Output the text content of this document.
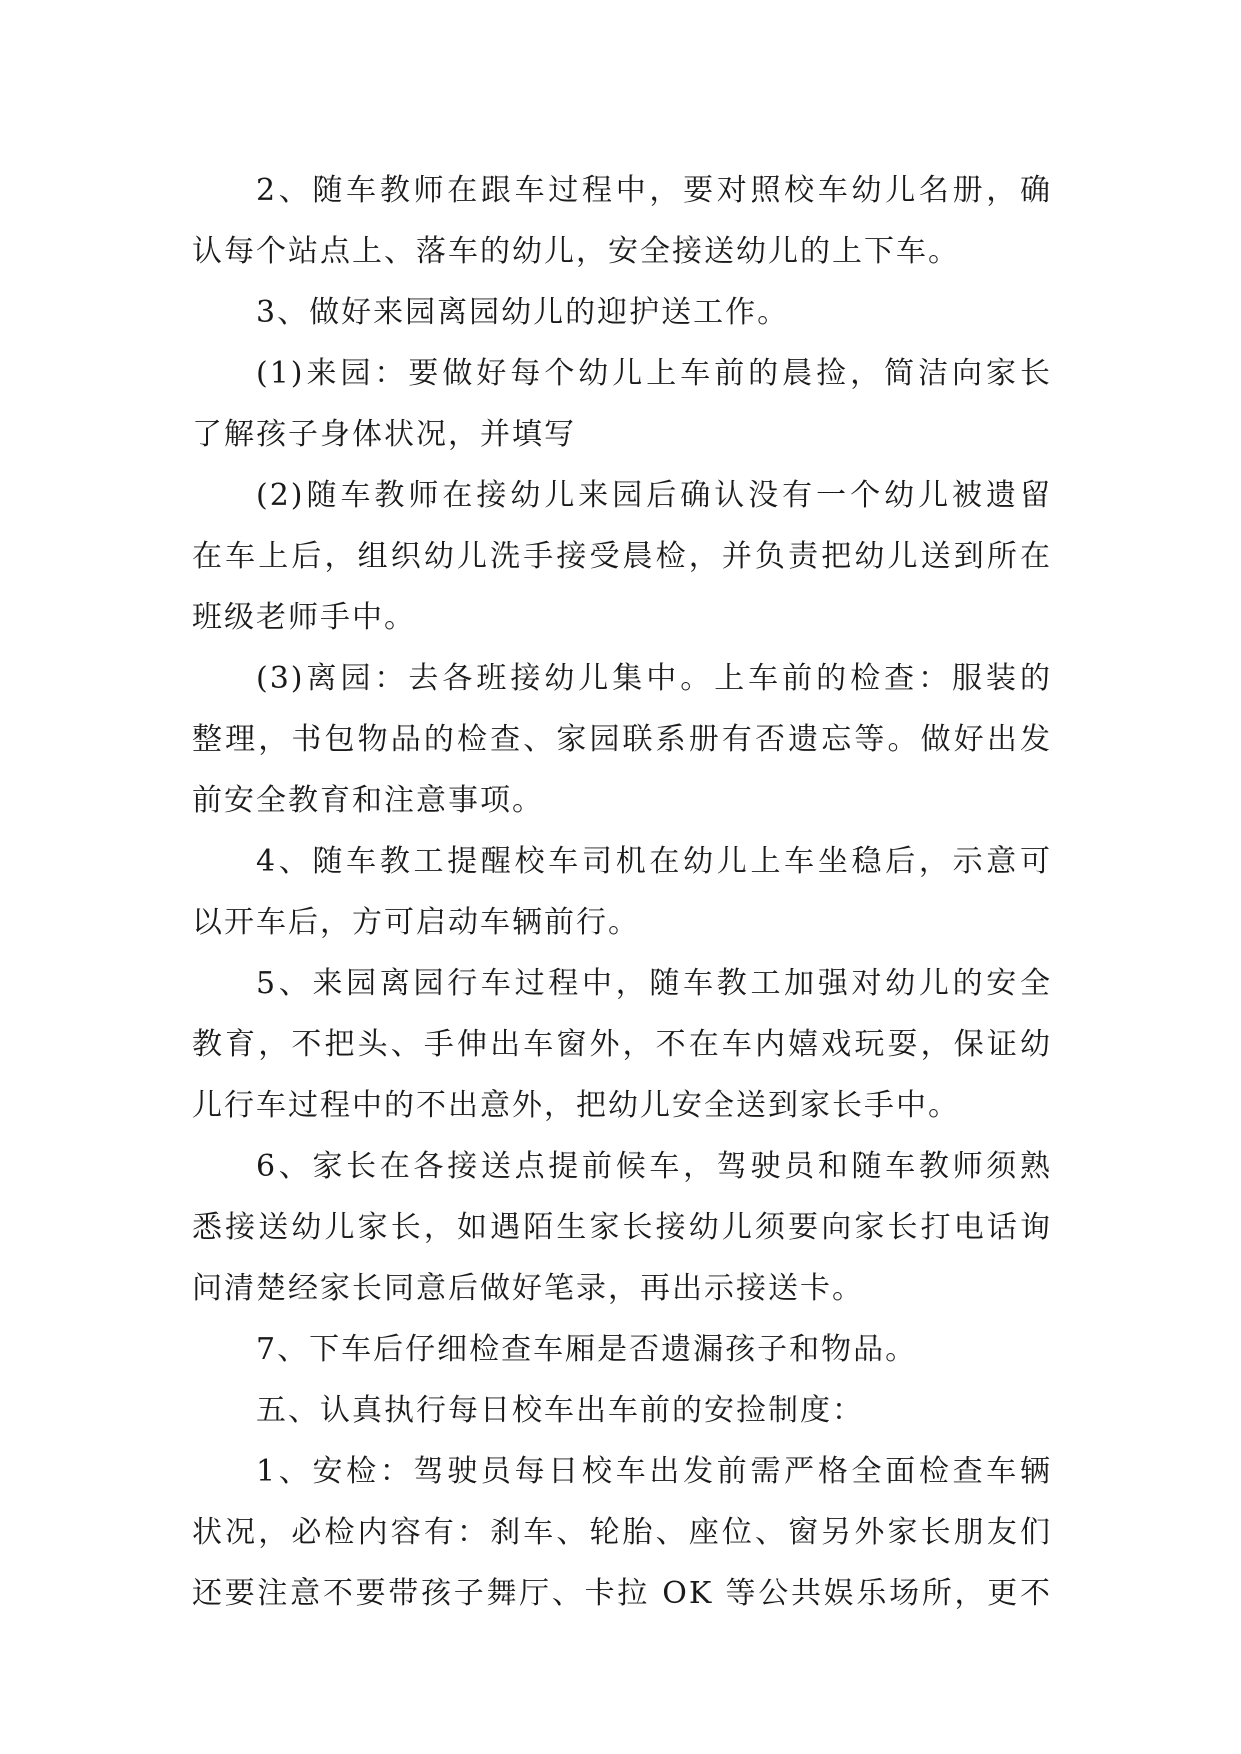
2、随车教师在跟车过程中，要对照校车幼儿名册，确
认每个站点上、落车的幼儿，安全接送幼儿的上下车。

3、做好来园离园幼儿的迎护送工作。

(1)来园：要做好每个幼儿上车前的晨捡，简洁向家长
了解孩子身体状况，并填写

(2)随车教师在接幼儿来园后确认没有一个幼儿被遗留
在车上后，组织幼儿洗手接受晨检，并负责把幼儿送到所在
班级老师手中。

(3)离园：去各班接幼儿集中。上车前的检查：服装的
整理，书包物品的检查、家园联系册有否遗忘等。做好出发
前安全教育和注意事项。

4、随车教工提醒校车司机在幼儿上车坐稳后，示意可
以开车后，方可启动车辆前行。

5、来园离园行车过程中，随车教工加强对幼儿的安全
教育，不把头、手伸出车窗外，不在车内嬉戏玩耍，保证幼
儿行车过程中的不出意外，把幼儿安全送到家长手中。

6、家长在各接送点提前候车，驾驶员和随车教师须熟
悉接送幼儿家长，如遇陌生家长接幼儿须要向家长打电话询
问清楚经家长同意后做好笔录，再出示接送卡。

7、下车后仔细检查车厢是否遗漏孩子和物品。

五、认真执行每日校车出车前的安捡制度：

1、安检：驾驶员每日校车出发前需严格全面检查车辆
状况，必检内容有：刹车、轮胎、座位、窗另外家长朋友们
还要注意不要带孩子舞厅、卡拉 OK 等公共娱乐场所，更不
